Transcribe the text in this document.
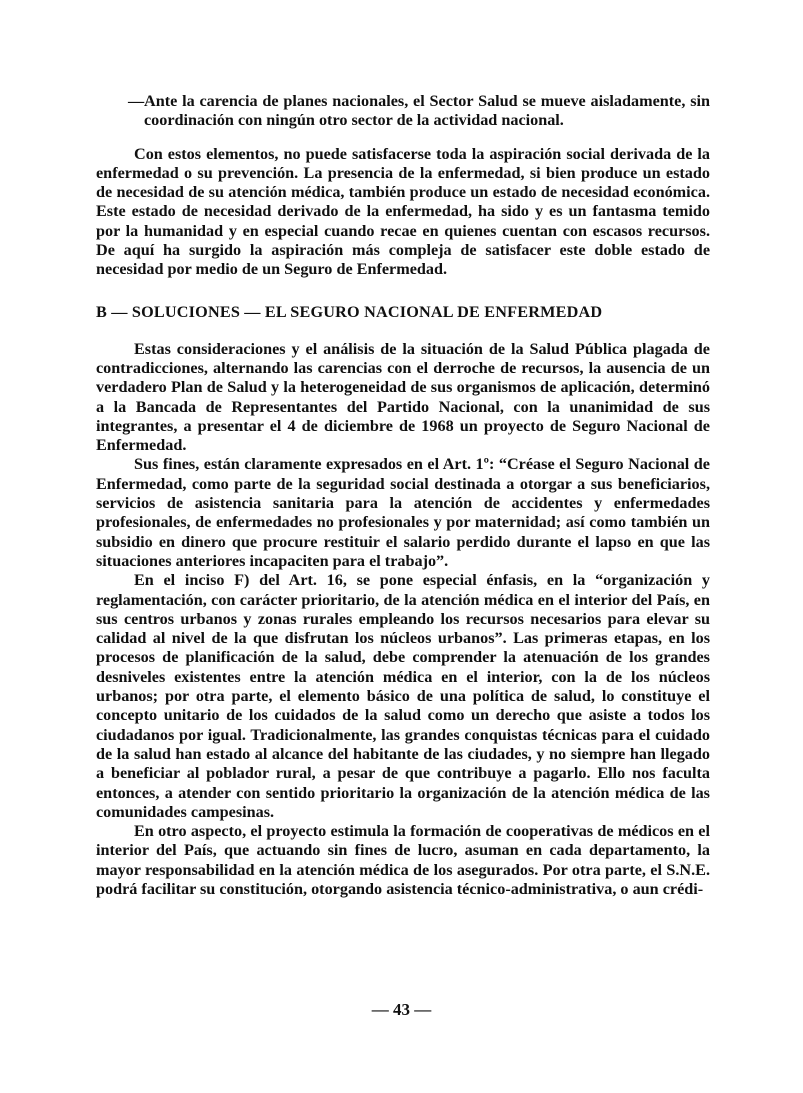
— Ante la carencia de planes nacionales, el Sector Salud se mueve aisladamente, sin coordinación con ningún otro sector de la actividad nacional.

Con estos elementos, no puede satisfacerse toda la aspiración social derivada de la enfermedad o su prevención. La presencia de la enfermedad, si bien produce un estado de necesidad de su atención médica, también produce un estado de necesidad económica. Este estado de necesidad derivado de la enfermedad, ha sido y es un fantasma temido por la humanidad y en especial cuando recae en quienes cuentan con escasos recursos. De aquí ha surgido la aspiración más compleja de satisfacer este doble estado de necesidad por medio de un Seguro de Enfermedad.

B — SOLUCIONES — EL SEGURO NACIONAL DE ENFERMEDAD

Estas consideraciones y el análisis de la situación de la Salud Pública plagada de contradicciones, alternando las carencias con el derroche de recursos, la ausencia de un verdadero Plan de Salud y la heterogeneidad de sus organismos de aplicación, determinó a la Bancada de Representantes del Partido Nacional, con la unanimidad de sus integrantes, a presentar el 4 de diciembre de 1968 un proyecto de Seguro Nacional de Enfermedad.

Sus fines, están claramente expresados en el Art. 1º: “Créase el Seguro Nacional de Enfermedad, como parte de la seguridad social destinada a otorgar a sus beneficiarios, servicios de asistencia sanitaria para la atención de accidentes y enfermedades profesionales, de enfermedades no profesionales y por maternidad; así como también un subsidio en dinero que procure restituir el salario perdido durante el lapso en que las situaciones anteriores incapaciten para el trabajo”.

En el inciso F) del Art. 16, se pone especial énfasis, en la “organización y reglamentación, con carácter prioritario, de la atención médica en el interior del País, en sus centros urbanos y zonas rurales empleando los recursos necesarios para elevar su calidad al nivel de la que disfrutan los núcleos urbanos”. Las primeras etapas, en los procesos de planificación de la salud, debe comprender la atenuación de los grandes desniveles existentes entre la atención médica en el interior, con la de los núcleos urbanos; por otra parte, el elemento básico de una política de salud, lo constituye el concepto unitario de los cuidados de la salud como un derecho que asiste a todos los ciudadanos por igual. Tradicionalmente, las grandes conquistas técnicas para el cuidado de la salud han estado al alcance del habitante de las ciudades, y no siempre han llegado a beneficiar al poblador rural, a pesar de que contribuye a pagarlo. Ello nos faculta entonces, a atender con sentido prioritario la organización de la atención médica de las comunidades campesinas.

En otro aspecto, el proyecto estimula la formación de cooperativas de médicos en el interior del País, que actuando sin fines de lucro, asuman en cada departamento, la mayor responsabilidad en la atención médica de los asegurados. Por otra parte, el S.N.E. podrá facilitar su constitución, otorgando asistencia técnico-administrativa, o aun crédi-

— 43 —
